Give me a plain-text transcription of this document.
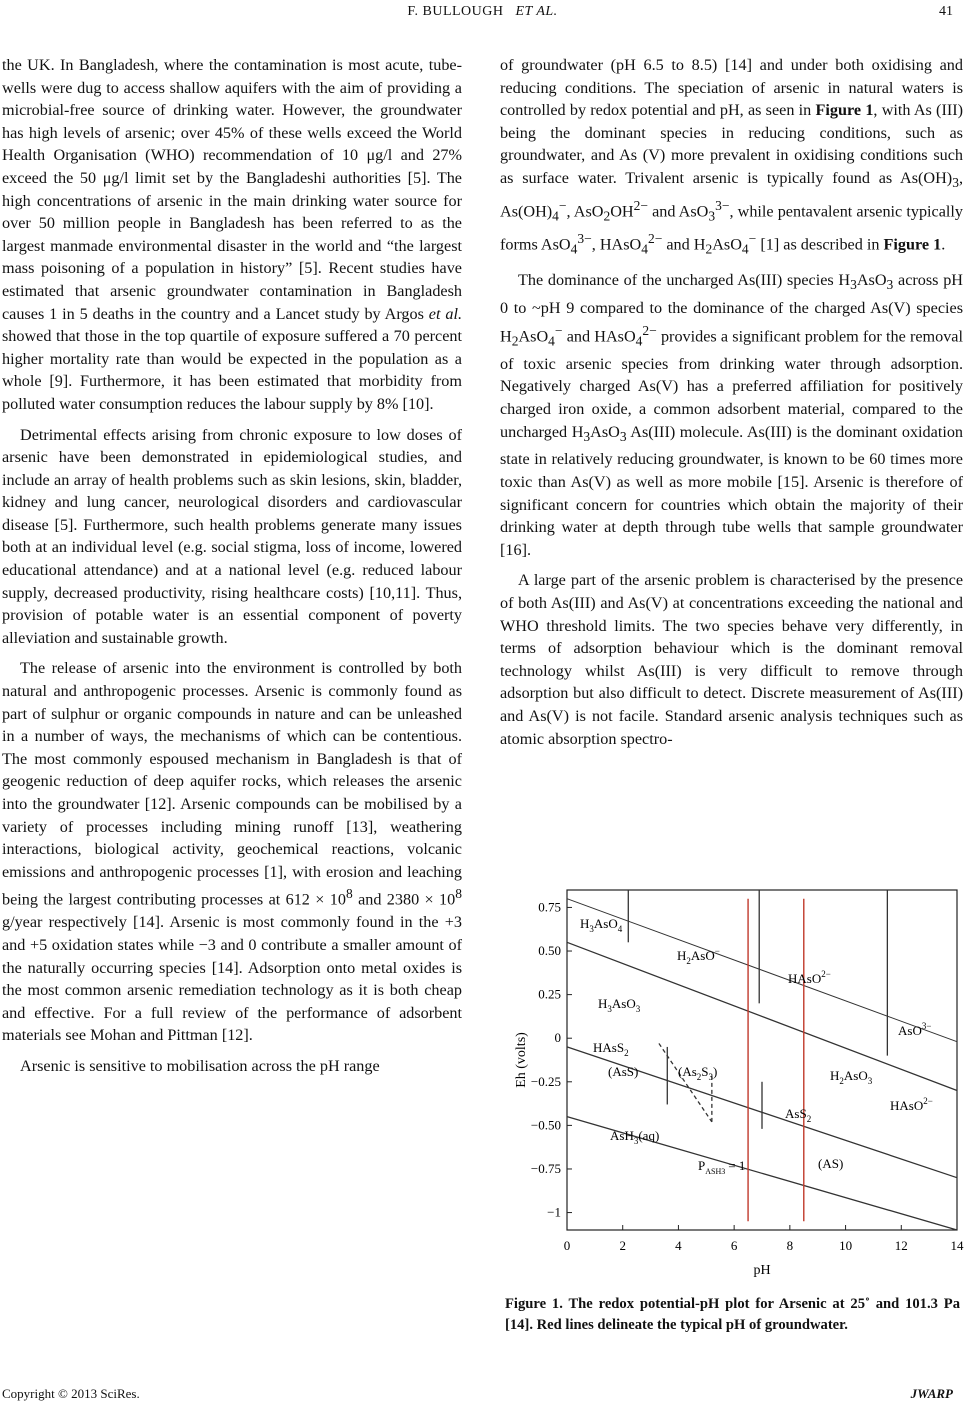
F. BULLOUGH ET AL.	41

the UK. In Bangladesh, where the contamination is most acute, tube-wells were dug to access shallow aquifers with the aim of providing a microbial-free source of drinking water. However, the groundwater has high levels of arsenic; over 45% of these wells exceed the World Health Organisation (WHO) recommendation of 10 μg/l and 27% exceed the 50 μg/l limit set by the Bangladeshi authorities [5]. The high concentrations of arsenic in the main drinking water source for over 50 million people in Bangladesh has been referred to as the largest manmade environmental disaster in the world and “the largest mass poisoning of a population in history” [5]. Recent studies have estimated that arsenic groundwater contamination in Bangladesh causes 1 in 5 deaths in the country and a Lancet study by Argos et al. showed that those in the top quartile of exposure suffered a 70 percent higher mortality rate than would be expected in the population as a whole [9]. Furthermore, it has been estimated that morbidity from polluted water consumption reduces the labour supply by 8% [10].

Detrimental effects arising from chronic exposure to low doses of arsenic have been demonstrated in epidemiological studies, and include an array of health problems such as skin lesions, skin, bladder, kidney and lung cancer, neurological disorders and cardiovascular disease [5]. Furthermore, such health problems generate many issues both at an individual level (e.g. social stigma, loss of income, lowered educational attendance) and at a national level (e.g. reduced labour supply, decreased productivity, rising healthcare costs) [10,11]. Thus, provision of potable water is an essential component of poverty alleviation and sustainable growth.

The release of arsenic into the environment is controlled by both natural and anthropogenic processes. Arsenic is commonly found as part of sulphur or organic compounds in nature and can be unleashed in a number of ways, the mechanisms of which can be contentious. The most commonly espoused mechanism in Bangladesh is that of geogenic reduction of deep aquifer rocks, which releases the arsenic into the groundwater [12]. Arsenic compounds can be mobilised by a variety of processes including mining runoff [13], weathering interactions, biological activity, geochemical reactions, volcanic emissions and anthropogenic processes [1], with erosion and leaching being the largest contributing processes at $612 \times 10^8$ and $2380 \times 10^8$ g/year respectively [14]. Arsenic is most commonly found in the +3 and +5 oxidation states while −3 and 0 contribute a smaller amount of the naturally occurring species [14]. Adsorption onto metal oxides is the most common arsenic remediation technology as it is both cheap and effective. For a full review of the performance of adsorbent materials see Mohan and Pittman [12].

Arsenic is sensitive to mobilisation across the pH range

of groundwater (pH 6.5 to 8.5) [14] and under both oxidising and reducing conditions. The speciation of arsenic in natural waters is controlled by redox potential and pH, as seen in Figure 1, with As (III) being the dominant species in reducing conditions, such as groundwater, and As (V) more prevalent in oxidising conditions such as surface water. Trivalent arsenic is typically found as $As(OH)_3$, $As(OH)_4^-$, $AsO_2OH^{2-}$ and AsO$_3^{3-}$, while pentavalent arsenic typically forms AsO$_4^{3-}$, HAsO$_4^{2-}$ and $H_2AsO_4^-$ [1] as described in Figure 1.

The dominance of the uncharged As(III) species $H_3AsO_3$ across pH 0 to ~pH 9 compared to the dominance of the charged As(V) species $H_2AsO_4^-$ and HAsO$_4^{2-}$ provides a significant problem for the removal of toxic arsenic species from drinking water through adsorption. Negatively charged As(V) has a preferred affiliation for positively charged iron oxide, a common adsorbent material, compared to the uncharged $H_3AsO_3$ As(III) molecule. As(III) is the dominant oxidation state in relatively reducing groundwater, is known to be 60 times more toxic than As(V) as well as more mobile [15]. Arsenic is therefore of significant concern for countries which obtain the majority of their drinking water at depth through tube wells that sample groundwater [16].

A large part of the arsenic problem is characterised by the presence of both As(III) and As(V) at concentrations exceeding the national and WHO threshold limits. The two species behave very differently, in terms of adsorption behaviour which is the dominant removal technology whilst As(III) is very difficult to remove through adsorption but also difficult to detect. Discrete measurement of As(III) and As(V) is not facile. Standard arsenic analysis techniques such as atomic absorption spectro-

0.75
0.50
0.25
0
−0.25
−0.50
−0.75
−1
0	2	4	6	8	10	12	14
Eh (volts)
pH
$H_3AsO_4$
$H_2AsO^-$
HAsO$^{2-}$
AsO$^{3-}$
$H_3AsO_3$
HAsS$_2$
(AsS)	$(As_2S_3)$	$H_2AsO_3$
HAsO$^{2-}$
AsS$_2$
AsH$_3$(aq)
$P_{ASH3} = 1$	(AS)
Figure 1. The redox potential-pH plot for Arsenic at 25˚ and 101.3 Pa [14]. Red lines delineate the typical pH of groundwater.
Copyright © 2013 SciRes.	JWARP
